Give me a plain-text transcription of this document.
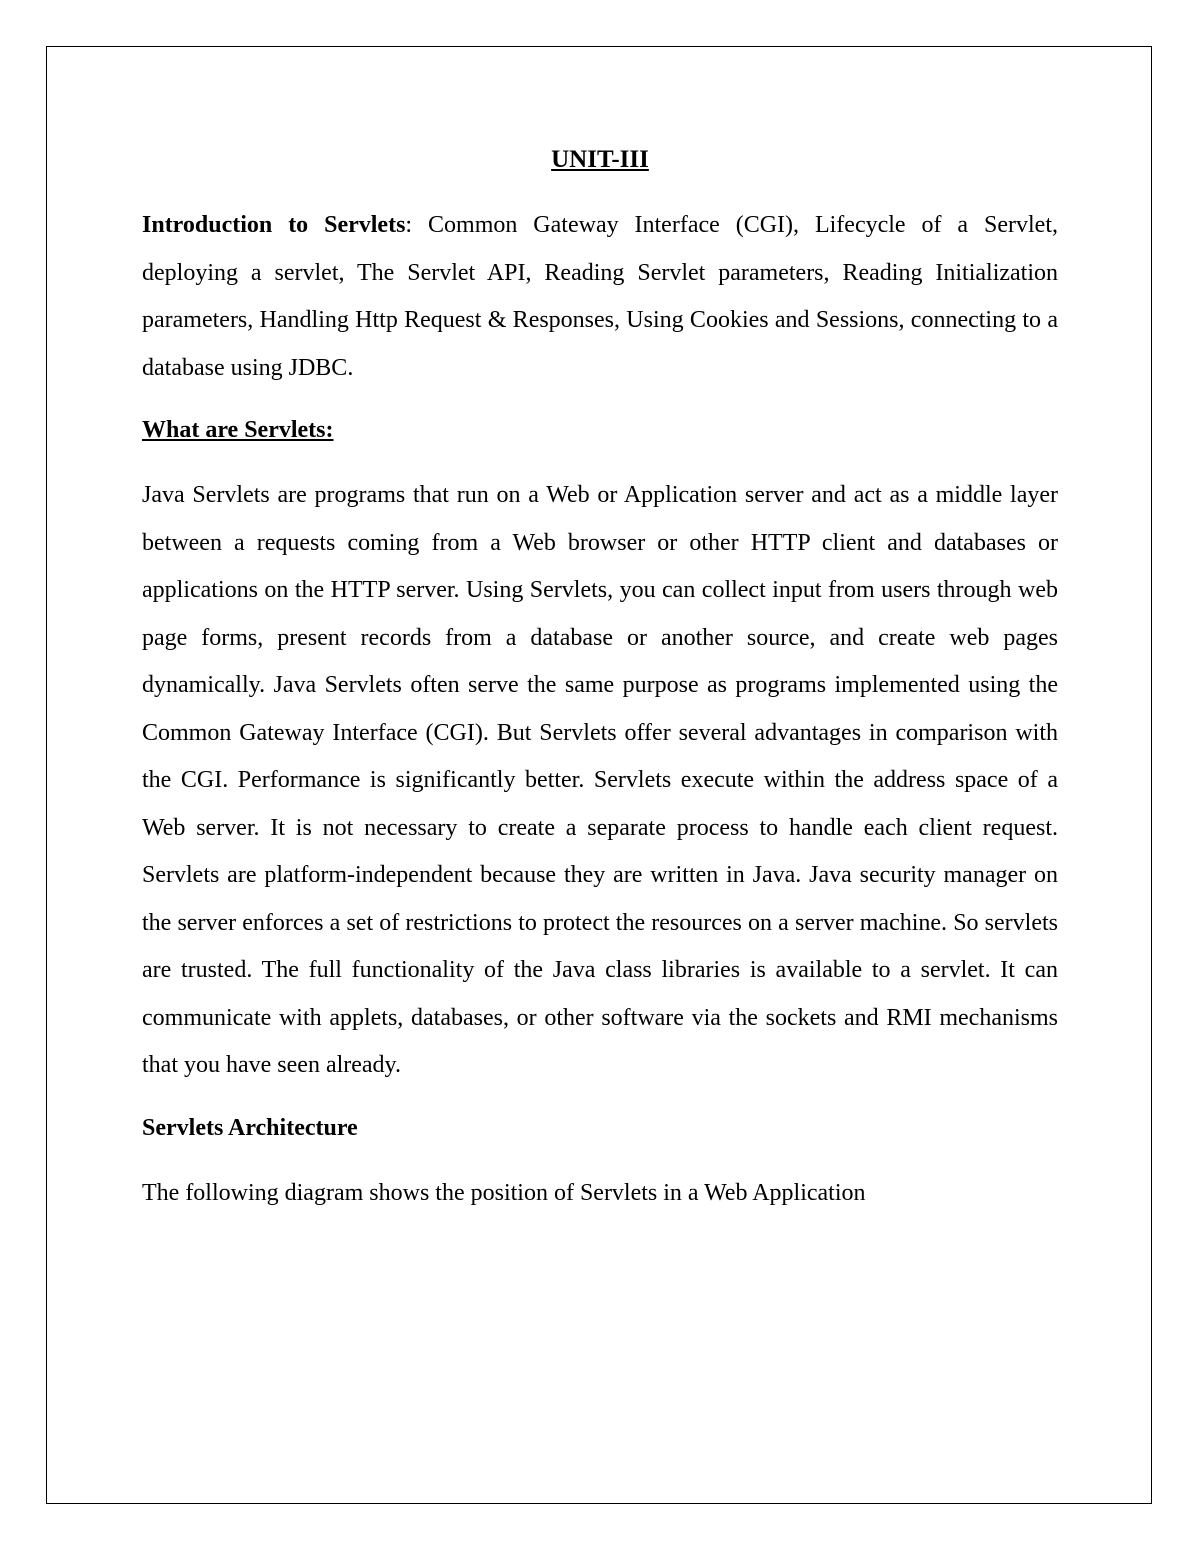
UNIT-III

Introduction to Servlets: Common Gateway Interface (CGI), Lifecycle of a Servlet, deploying a servlet, The Servlet API, Reading Servlet parameters, Reading Initialization parameters, Handling Http Request & Responses, Using Cookies and Sessions, connecting to a database using JDBC.

What are Servlets:

Java Servlets are programs that run on a Web or Application server and act as a middle layer between a requests coming from a Web browser or other HTTP client and databases or applications on the HTTP server. Using Servlets, you can collect input from users through web page forms, present records from a database or another source, and create web pages dynamically. Java Servlets often serve the same purpose as programs implemented using the Common Gateway Interface (CGI). But Servlets offer several advantages in comparison with the CGI. Performance is significantly better. Servlets execute within the address space of a Web server. It is not necessary to create a separate process to handle each client request. Servlets are platform-independent because they are written in Java. Java security manager on the server enforces a set of restrictions to protect the resources on a server machine. So servlets are trusted. The full functionality of the Java class libraries is available to a servlet. It can communicate with applets, databases, or other software via the sockets and RMI mechanisms that you have seen already.

Servlets Architecture

The following diagram shows the position of Servlets in a Web Application
